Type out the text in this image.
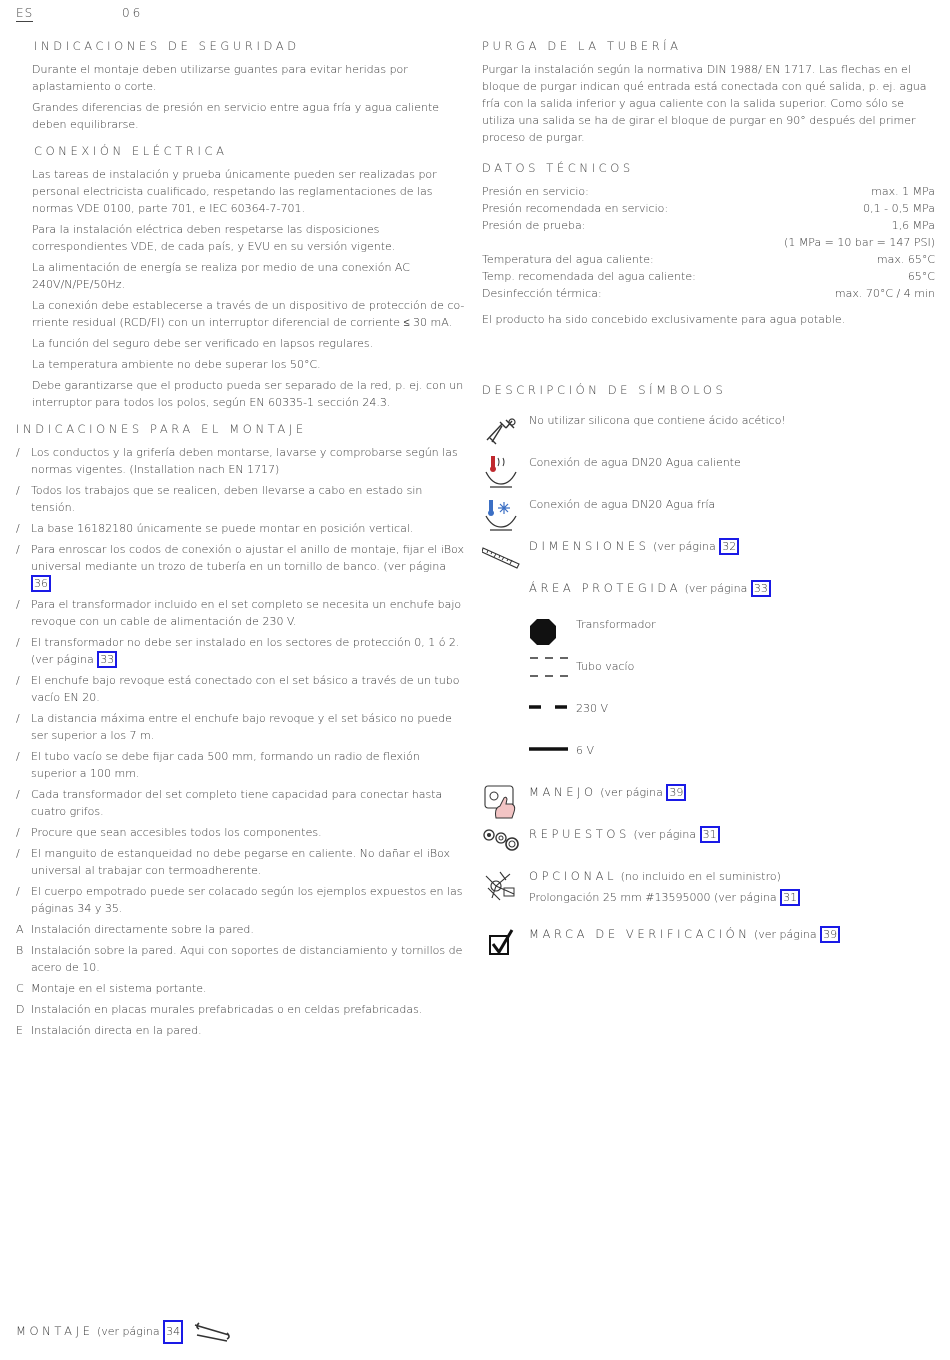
ES	06
INDICACIONES DE SEGURIDAD
Durante el montaje deben utilizarse guantes para evitar heridas por aplastamiento o corte.
Grandes diferencias de presión en servicio entre agua fría y agua caliente deben equilibrarse.
CONEXIÓN ELÉCTRICA
Las tareas de instalación y prueba únicamente pueden ser realizadas por personal electricista cualificado, respetando las reglamentaciones de las normas VDE 0100, parte 701, e IEC 60364-7-701.
Para la instalación eléctrica deben respetarse las disposiciones correspondientes VDE, de cada país, y EVU en su versión vigente.
La alimentación de energía se realiza por medio de una conexión AC 240V/N/PE/50Hz.
La conexión debe establecerse a través de un dispositivo de protección de co-rriente residual (RCD/FI) con un interruptor diferencial de corriente ≤ 30 mA.
La función del seguro debe ser verificado en lapsos regulares.
La temperatura ambiente no debe superar los 50°C.
Debe garantizarse que el producto pueda ser separado de la red, p. ej. con un interruptor para todos los polos, según EN 60335-1 sección 24.3.
INDICACIONES PARA EL MONTAJE
/ Los conductos y la grifería deben montarse, lavarse y comprobarse según las normas vigentes. (Installation nach EN 1717)
/ Todos los trabajos que se realicen, deben llevarse a cabo en estado sin tensión.
/ La base 16182180 únicamente se puede montar en posición vertical.
/ Para enroscar los codos de conexión o ajustar el anillo de montaje, fijar el iBox universal mediante un trozo de tubería en un tornillo de banco. (ver página 36
/ Para el transformador incluido en el set completo se necesita un enchufe bajo revoque con un cable de alimentación de 230 V.
/ El transformador no debe ser instalado en los sectores de protección 0, 1 ó 2. (ver página 33
/ El enchufe bajo revoque está conectado con el set básico a través de un tubo vacío EN 20.
/ La distancia máxima entre el enchufe bajo revoque y el set básico no puede ser superior a los 7 m.
/ El tubo vacío se debe fijar cada 500 mm, formando un radio de flexión superior a 100 mm.
/ Cada transformador del set completo tiene capacidad para conectar hasta cuatro grifos.
/ Procure que sean accesibles todos los componentes.
/ El manguito de estanqueidad no debe pegarse en caliente. No dañar el iBox universal al trabajar con termoadherente.
/ El cuerpo empotrado puede ser colacado según los ejemplos expuestos en las páginas 34 y 35.
A Instalación directamente sobre la pared.
B Instalación sobre la pared. Aqui con soportes de distanciamiento y tornillos de acero de 10.
C Montaje en el sistema portante.
D Instalación en placas murales prefabricadas o en celdas prefabricadas.
E Instalación directa en la pared.
PURGA DE LA TUBERÍA
Purgar la instalación según la normativa DIN 1988/ EN 1717. Las flechas en el bloque de purgar indican qué entrada está conectada con qué salida, p. ej. agua fría con la salida inferior y agua caliente con la salida superior. Como sólo se utiliza una salida se ha de girar el bloque de purgar en 90° después del primer proceso de purgar.
DATOS TÉCNICOS
Presión en servicio:	max. 1 MPa
Presión recomendada en servicio:	0,1 - 0,5 MPa
Presión de prueba:	1,6 MPa
	(1 MPa = 10 bar = 147 PSI)
Temperatura del agua caliente:	max. 65°C
Temp. recomendada del agua caliente:	65°C
Desinfección térmica:	max. 70°C / 4 min
El producto ha sido concebido exclusivamente para agua potable.
DESCRIPCIÓN DE SÍMBOLOS
No utilizar silicona que contiene ácido acético!
Conexión de agua DN20 Agua caliente
Conexión de agua DN20 Agua fría
DIMENSIONES (ver página 32
ÁREA PROTEGIDA (ver página 33
Transformador
Tubo vacío
230 V
6 V
MANEJO (ver página 39
REPUESTOS (ver página 31
OPCIONAL (no incluido en el suministro)
Prolongación 25 mm #13595000 (ver página 31
MARCA DE VERIFICACIÓN (ver página 39
MONTAJE (ver página 34
